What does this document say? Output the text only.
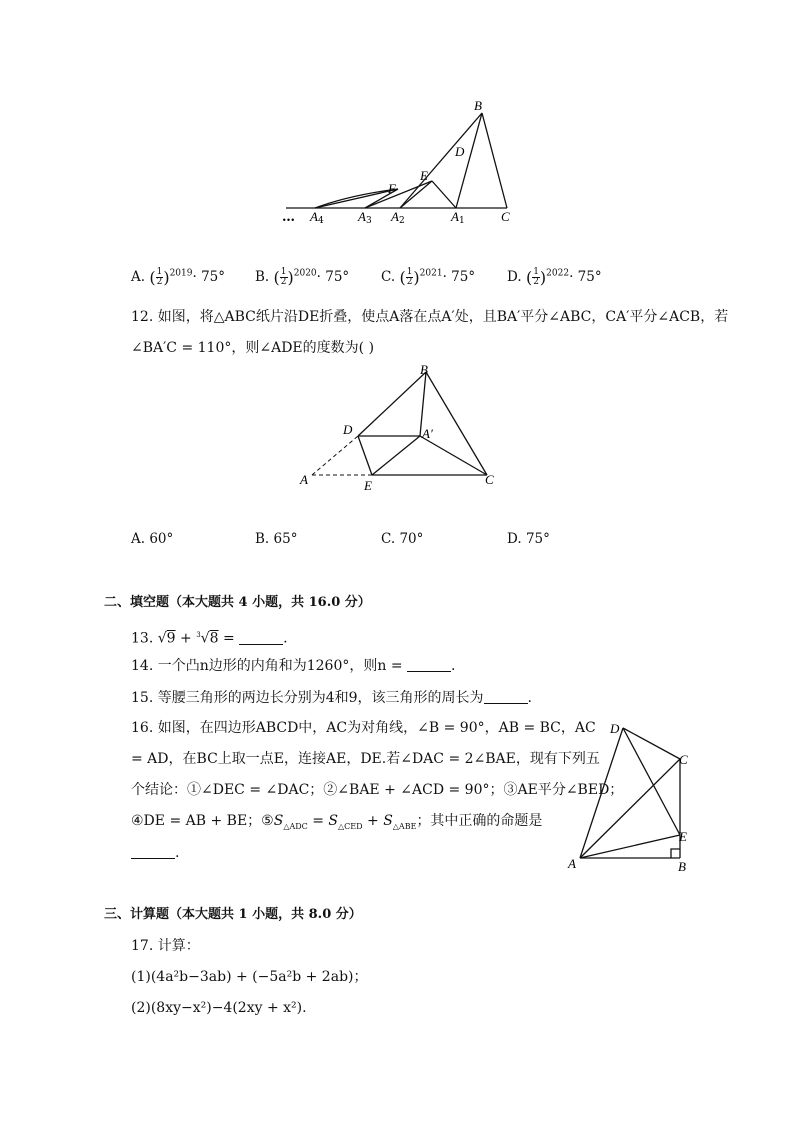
B
D
E
F
… A 4	A 3 A 2	A 1	C
A. ( $\frac{1}{2} )^{2019}\cdot 75^\circ$ B. ( $\frac{1}{2} )^{2020}\cdot 75^\circ$ C. ( $\frac{1}{2} )^{2021}\cdot 75^\circ$ D. ( $\frac{1}{2} )^{2022}\cdot 75^\circ$
12. 如图，将△ABC纸片沿DE折叠，使点A落在点A′处，且BA′平分∠ABC，CA′平分∠ACB，若
∠BA′C = 110°，则∠ADE的度数为( )
B
D	A′
A	E	C
A. 60°	B. 65°	C. 70°	D. 75°
二、填空题（本大题共 4 小题，共 16.0 分）
13. √9 + $^3$√8 =	.
14. 一个凸n边形的内角和为1260°，则n =	.
15. 等腰三角形的两边长分别为4和9，该三角形的周长为	.
16. 如图，在四边形ABCD中，AC为对角线，∠B = 90°，AB = BC，AC
= AD，在BC上取一点E，连接AE，DE.若∠DAC = 2∠BAE，现有下列五
个结论：①∠DEC = ∠DAC；②∠BAE + ∠ACD = 90°；③AE平分∠BED；
④DE = AB + BE；$⑤S_{\triangle ADC} = S_{\triangle CED} + S_{\triangle ABE}$；其中正确的命题是
.
D
C
E
A	B
三、计算题（本大题共 1 小题，共 8.0 分）
17. 计算：
(1)(4a²b−3ab) + (−5a²b + 2ab)；
(2)(8xy−x²)−4(2xy + x²).
